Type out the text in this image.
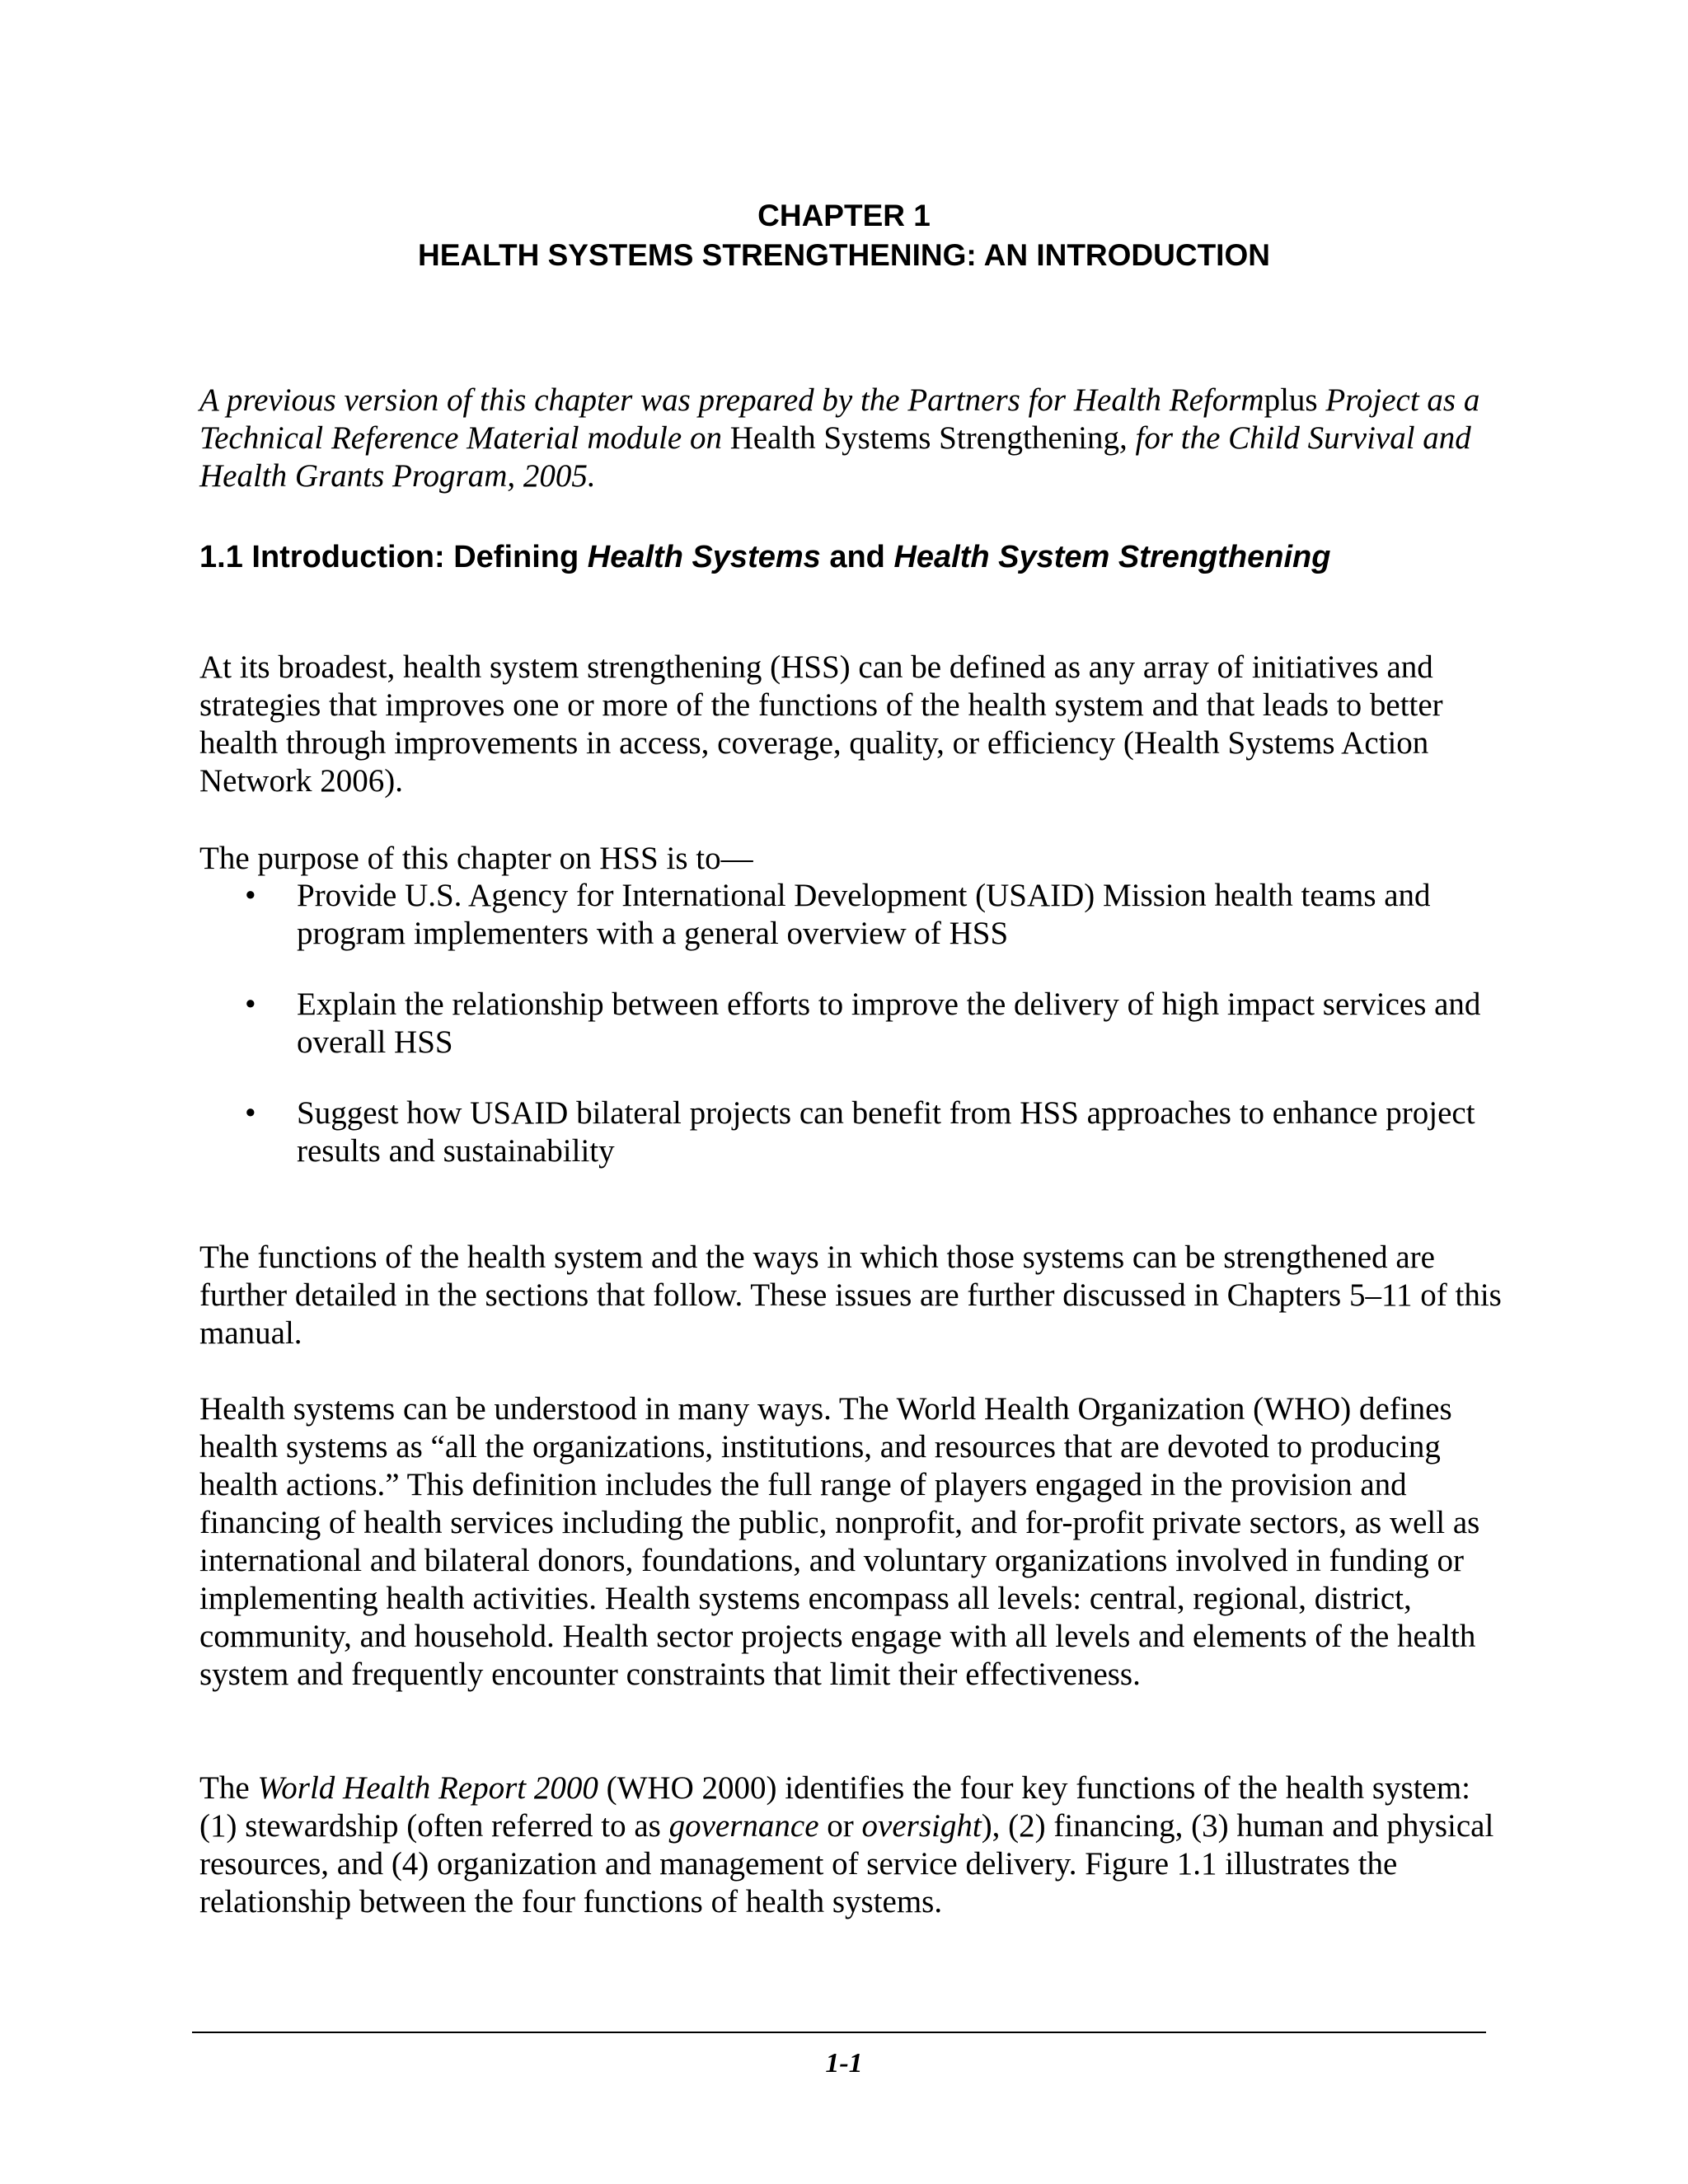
CHAPTER 1
HEALTH SYSTEMS STRENGTHENING: AN INTRODUCTION

A previous version of this chapter was prepared by the Partners for Health Reformplus Project as a Technical Reference Material module on Health Systems Strengthening, for the Child Survival and Health Grants Program, 2005.

1.1 Introduction: Defining Health Systems and Health System Strengthening

At its broadest, health system strengthening (HSS) can be defined as any array of initiatives and strategies that improves one or more of the functions of the health system and that leads to better health through improvements in access, coverage, quality, or efficiency (Health Systems Action Network 2006).

The purpose of this chapter on HSS is to—

• Provide U.S. Agency for International Development (USAID) Mission health teams and program implementers with a general overview of HSS
• Explain the relationship between efforts to improve the delivery of high impact services and overall HSS
• Suggest how USAID bilateral projects can benefit from HSS approaches to enhance project results and sustainability

The functions of the health system and the ways in which those systems can be strengthened are further detailed in the sections that follow. These issues are further discussed in Chapters 5–11 of this manual.

Health systems can be understood in many ways. The World Health Organization (WHO) defines health systems as “all the organizations, institutions, and resources that are devoted to producing health actions.” This definition includes the full range of players engaged in the provision and financing of health services including the public, nonprofit, and for-profit private sectors, as well as international and bilateral donors, foundations, and voluntary organizations involved in funding or implementing health activities. Health systems encompass all levels: central, regional, district, community, and household. Health sector projects engage with all levels and elements of the health system and frequently encounter constraints that limit their effectiveness.

The World Health Report 2000 (WHO 2000) identifies the four key functions of the health system: (1) stewardship (often referred to as governance or oversight), (2) financing, (3) human and physical resources, and (4) organization and management of service delivery. Figure 1.1 illustrates the relationship between the four functions of health systems.

1-1
